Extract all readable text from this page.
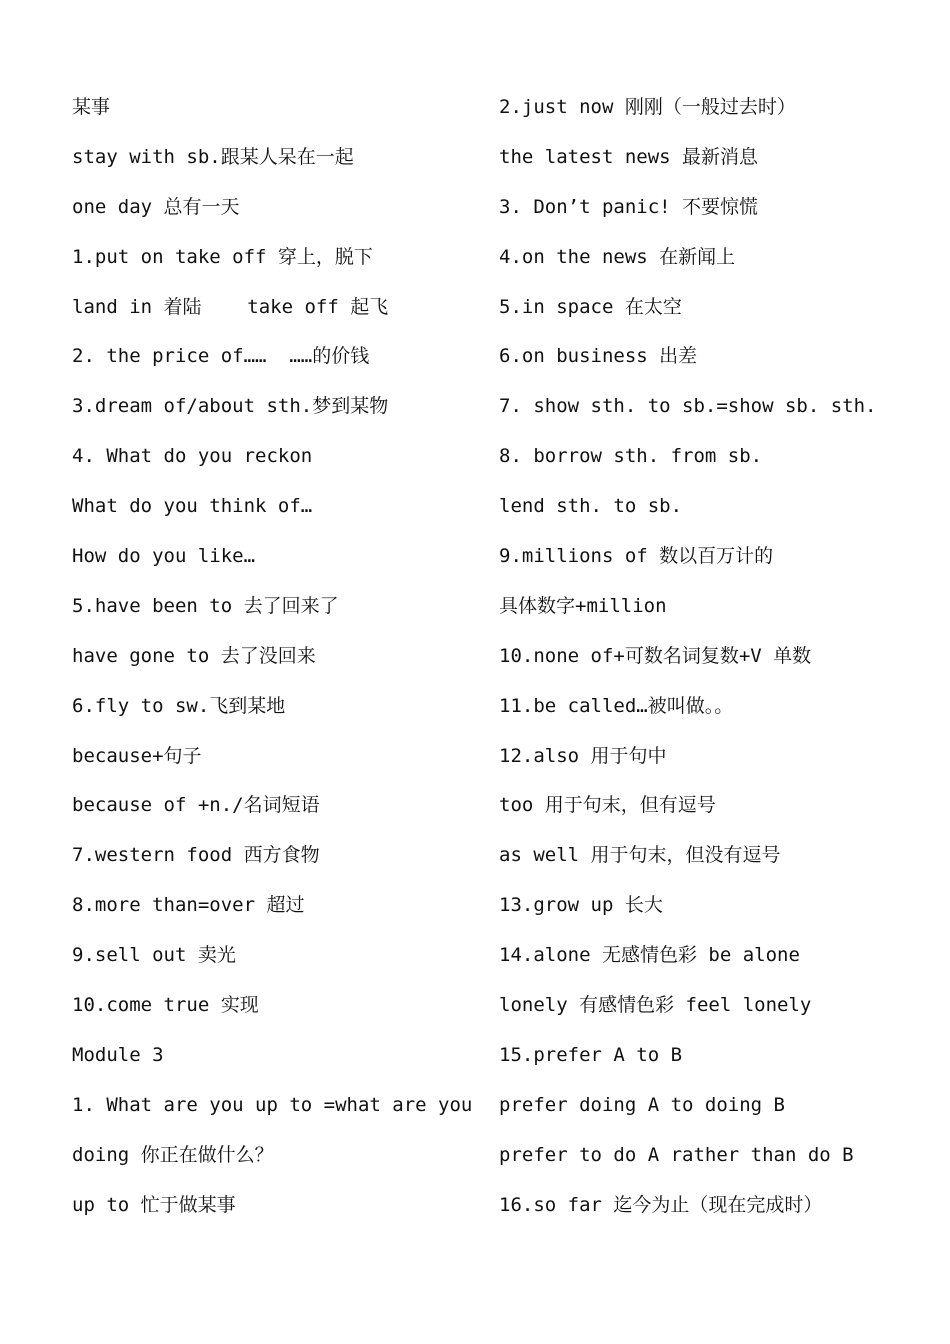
某事
stay with sb.跟某人呆在一起
one day 总有一天
1.put on take off 穿上，脱下
land in 着陆    take off 起飞
2. the price of……  ……的价钱
3.dream of/about sth.梦到某物
4. What do you reckon
What do you think of…
How do you like…
5.have been to 去了回来了
have gone to 去了没回来
6.fly to sw.飞到某地
because+句子
because of +n./名词短语
7.western food 西方食物
8.more than=over 超过
9.sell out 卖光
10.come true 实现
Module 3
1. What are you up to =what are you
doing 你正在做什么？
up to 忙于做某事
2.just now 刚刚（一般过去时）
the latest news 最新消息
3. Don’t panic! 不要惊慌
4.on the news 在新闻上
5.in space 在太空
6.on business 出差
7. show sth. to sb.=show sb. sth.
8. borrow sth. from sb.
lend sth. to sb.
9.millions of 数以百万计的
具体数字+million
10.none of+可数名词复数+V 单数
11.be called…被叫做。。
12.also 用于句中
too 用于句末，但有逗号
as well 用于句末，但没有逗号
13.grow up 长大
14.alone 无感情色彩 be alone
lonely 有感情色彩 feel lonely
15.prefer A to B
prefer doing A to doing B
prefer to do A rather than do B
16.so far 迄今为止（现在完成时）
